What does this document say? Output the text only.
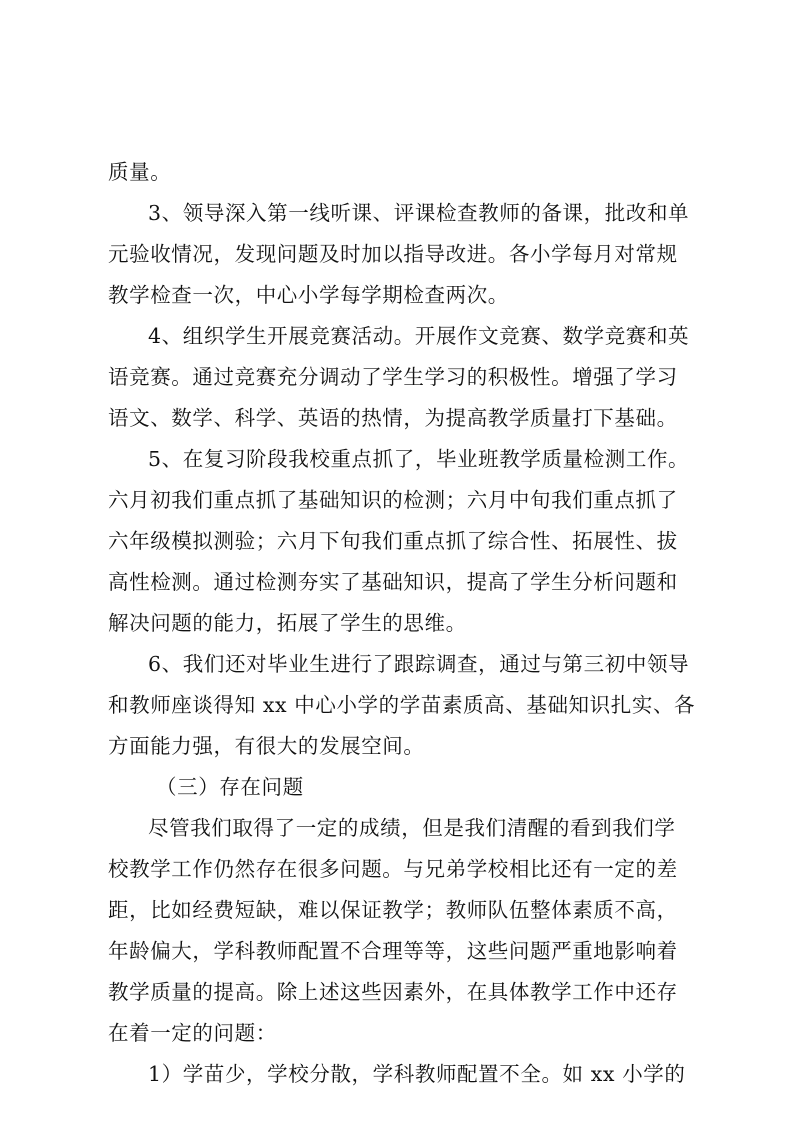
质量。
3、领导深入第一线听课、评课检查教师的备课，批改和单
元验收情况，发现问题及时加以指导改进。各小学每月对常规
教学检查一次，中心小学每学期检查两次。
4、组织学生开展竞赛活动。开展作文竞赛、数学竞赛和英
语竞赛。通过竞赛充分调动了学生学习的积极性。增强了学习
语文、数学、科学、英语的热情，为提高教学质量打下基础。
5、在复习阶段我校重点抓了，毕业班教学质量检测工作。
六月初我们重点抓了基础知识的检测；六月中旬我们重点抓了
六年级模拟测验；六月下旬我们重点抓了综合性、拓展性、拔
高性检测。通过检测夯实了基础知识，提高了学生分析问题和
解决问题的能力，拓展了学生的思维。
6、我们还对毕业生进行了跟踪调查，通过与第三初中领导
和教师座谈得知 xx 中心小学的学苗素质高、基础知识扎实、各
方面能力强，有很大的发展空间。
（三）存在问题
尽管我们取得了一定的成绩，但是我们清醒的看到我们学
校教学工作仍然存在很多问题。与兄弟学校相比还有一定的差
距，比如经费短缺，难以保证教学；教师队伍整体素质不高，
年龄偏大，学科教师配置不合理等等，这些问题严重地影响着
教学质量的提高。除上述这些因素外，在具体教学工作中还存
在着一定的问题：
1）学苗少，学校分散，学科教师配置不全。如 xx 小学的
